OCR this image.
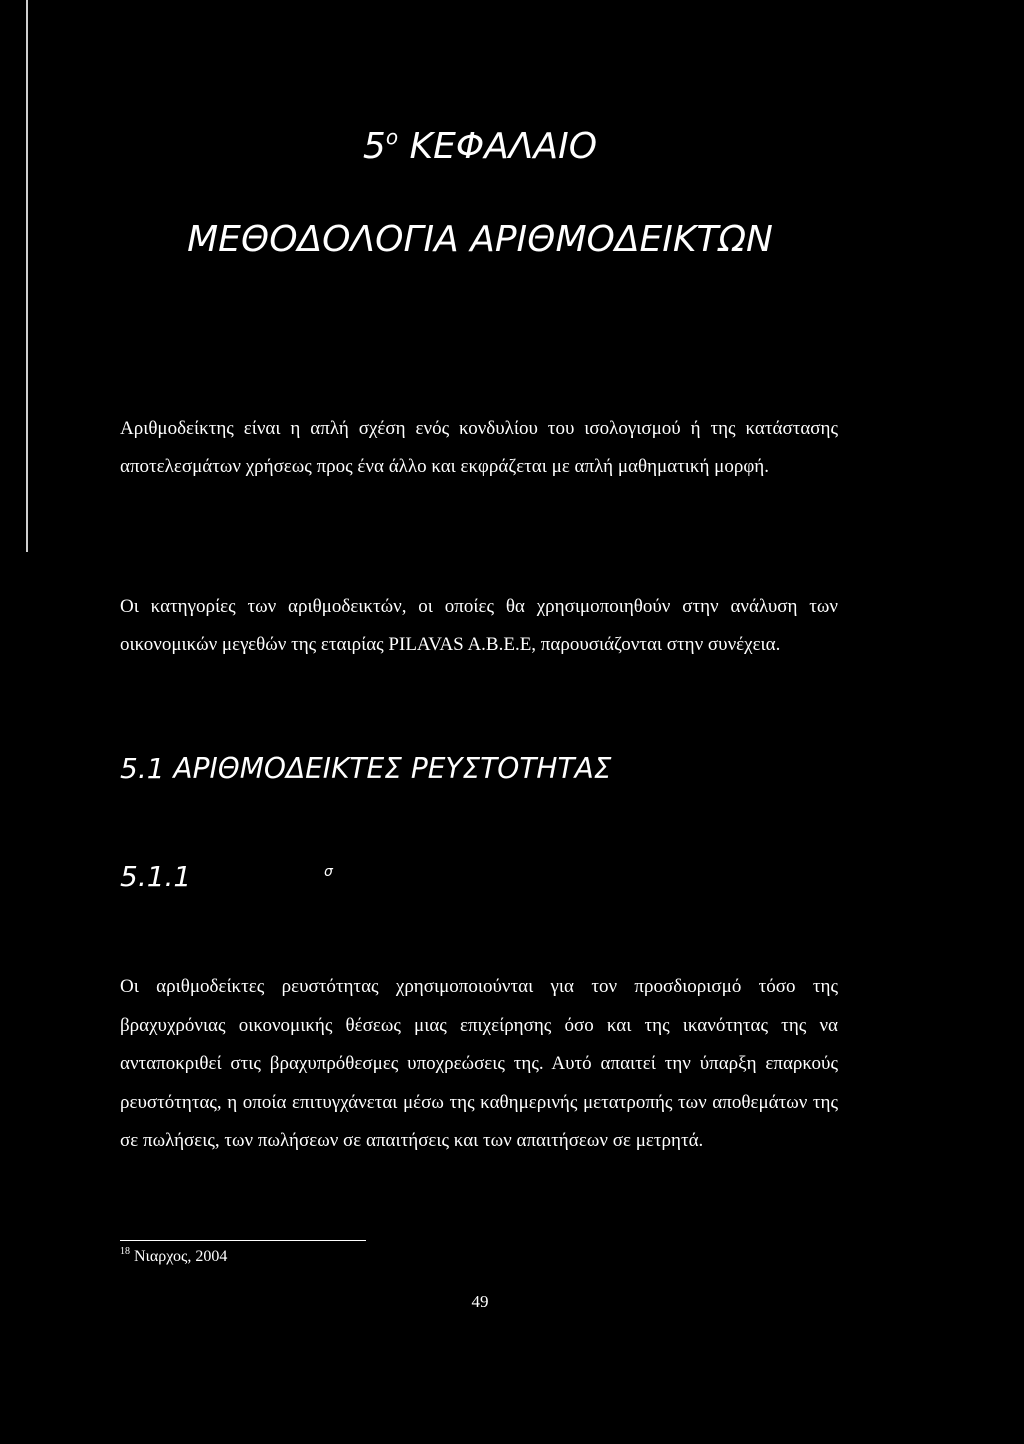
$5^o$ ΚΕΦΑΛΑΙΟ
ΜΕΘΟΔΟΛΟΓΙΑ ΑΡΙΘΜΟΔΕΙΚΤΩΝ

Αριθμοδείκτης είναι η απλή σχέση ενός κονδυλίου του ισολογισμού ή της κατάστασης αποτελεσμάτων χρήσεως προς ένα άλλο και εκφράζεται με απλή μαθηματική μορφή.

Οι κατηγορίες των αριθμοδεικτών, οι οποίες θα χρησιμοποιηθούν στην ανάλυση των οικονομικών μεγεθών της εταιρίας PILAVAS A.B.E.E, παρουσιάζονται στην συνέχεια.

5.1 ΑΡΙΘΜΟΔΕΙΚΤΕΣ ΡΕΥΣΤΟΤΗΤΑΣ
5.1.1	σ

Οι αριθμοδείκτες ρευστότητας χρησιμοποιούνται για τον προσδιορισμό τόσο της βραχυχρόνιας οικονομικής θέσεως μιας επιχείρησης όσο και της ικανότητας της να ανταποκριθεί στις βραχυπρόθεσμες υποχρεώσεις της. Αυτό απαιτεί την ύπαρξη επαρκούς ρευστότητας, η οποία επιτυγχάνεται μέσω της καθημερινής μετατροπής των αποθεμάτων της σε πωλήσεις, των πωλήσεων σε απαιτήσεις και των απαιτήσεων σε μετρητά.

$^{18}$ Νιαρχος, 2004
49
